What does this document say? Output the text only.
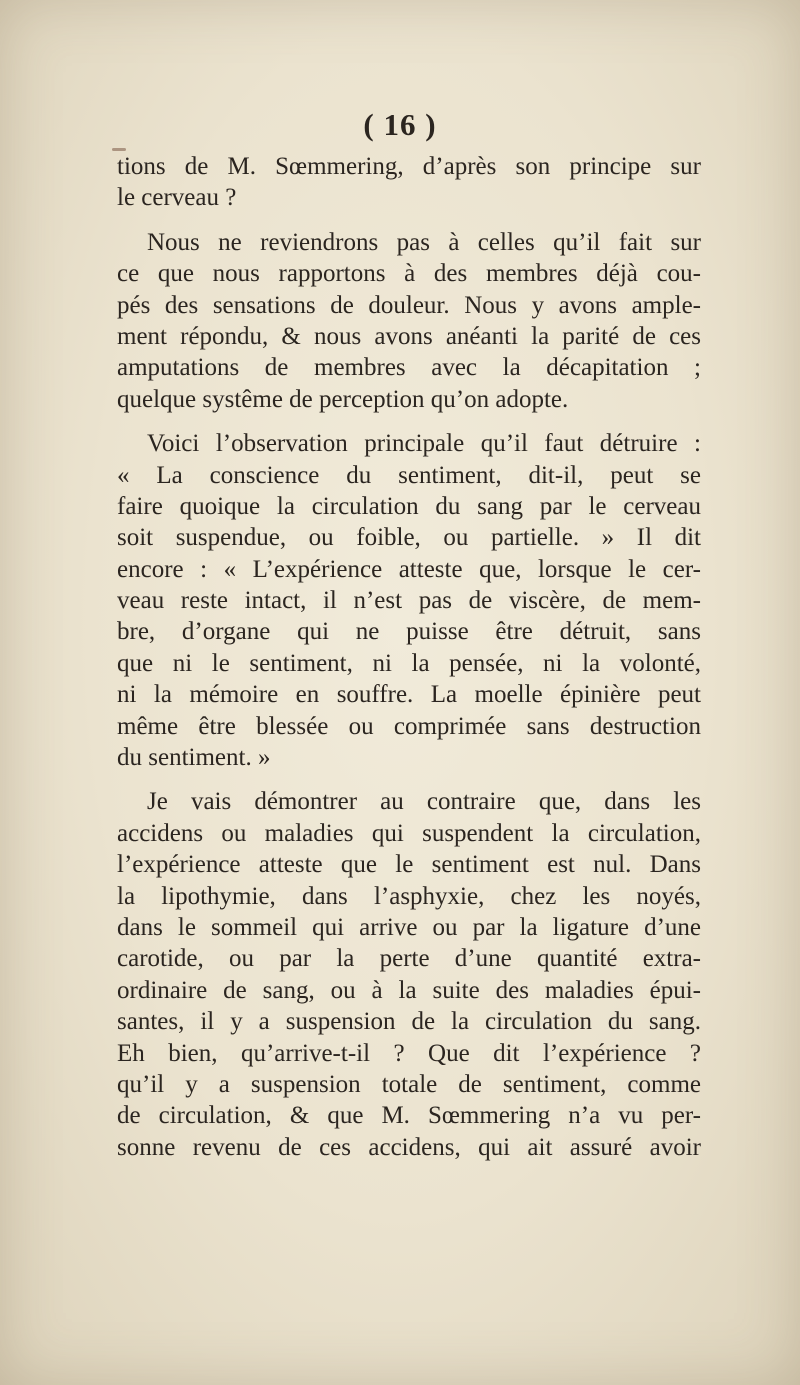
( 16 )
tions de M. Sœmmering, d’après son principe sur
le cerveau ?
Nous ne reviendrons pas à celles qu’il fait sur
ce que nous rapportons à des membres déjà cou-
pés des sensations de douleur. Nous y avons ample-
ment répondu, & nous avons anéanti la parité de ces
amputations de membres avec la décapitation ;
quelque systême de perception qu’on adopte.
Voici l’observation principale qu’il faut détruire :
« La conscience du sentiment, dit-il, peut se
faire quoique la circulation du sang par le cerveau
soit suspendue, ou foible, ou partielle. » Il dit
encore : « L’expérience atteste que, lorsque le cer-
veau reste intact, il n’est pas de viscère, de mem-
bre, d’organe qui ne puisse être détruit, sans
que ni le sentiment, ni la pensée, ni la volonté,
ni la mémoire en souffre. La moelle épinière peut
même être blessée ou comprimée sans destruction
du sentiment. »
Je vais démontrer au contraire que, dans les
accidens ou maladies qui suspendent la circulation,
l’expérience atteste que le sentiment est nul. Dans
la lipothymie, dans l’asphyxie, chez les noyés,
dans le sommeil qui arrive ou par la ligature d’une
carotide, ou par la perte d’une quantité extra-
ordinaire de sang, ou à la suite des maladies épui-
santes, il y a suspension de la circulation du sang.
Eh bien, qu’arrive-t-il ? Que dit l’expérience ?
qu’il y a suspension totale de sentiment, comme
de circulation, & que M. Sœmmering n’a vu per-
sonne revenu de ces accidens, qui ait assuré avoir
